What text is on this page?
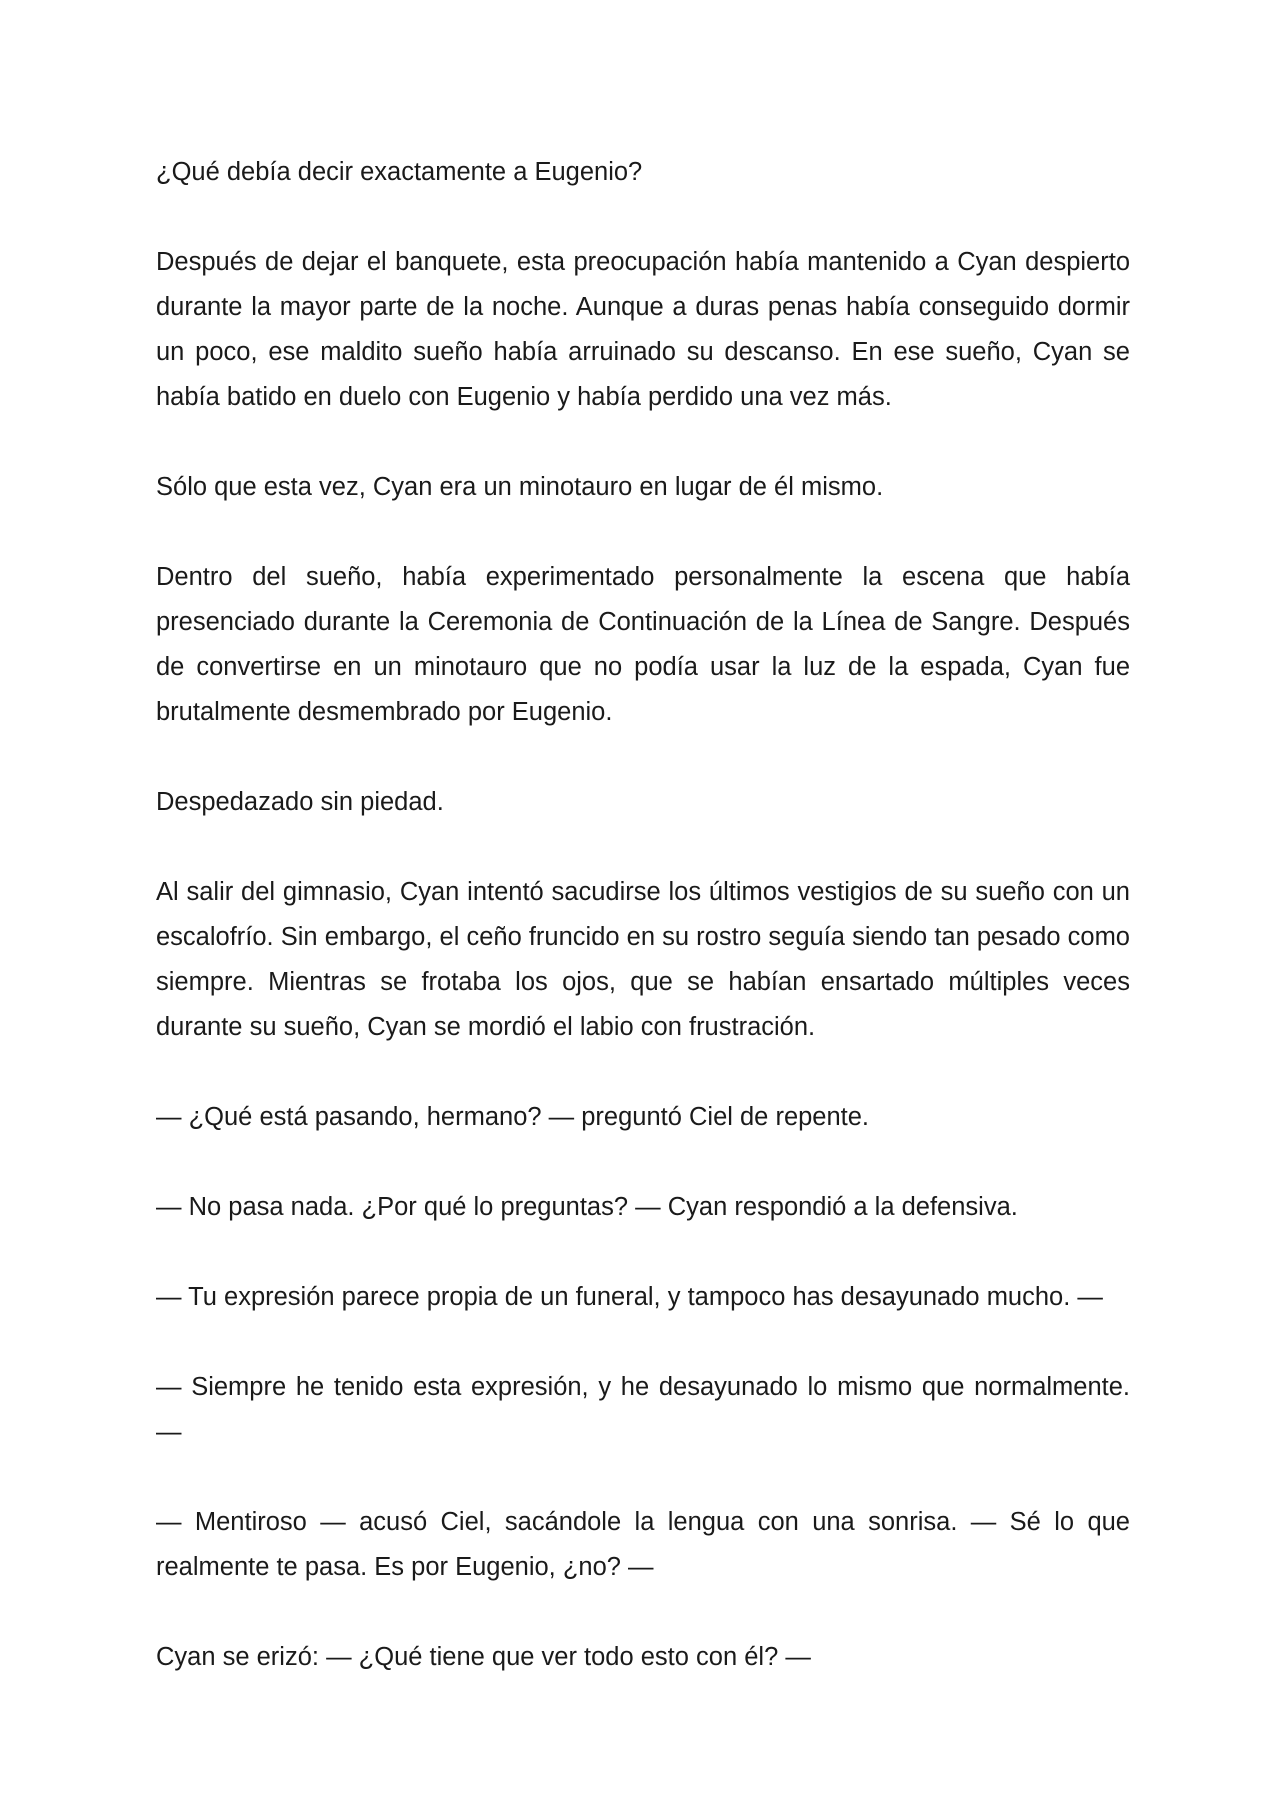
¿Qué debía decir exactamente a Eugenio?

Después de dejar el banquete, esta preocupación había mantenido a Cyan despierto durante la mayor parte de la noche. Aunque a duras penas había conseguido dormir un poco, ese maldito sueño había arruinado su descanso. En ese sueño, Cyan se había batido en duelo con Eugenio y había perdido una vez más.

Sólo que esta vez, Cyan era un minotauro en lugar de él mismo.

Dentro del sueño, había experimentado personalmente la escena que había presenciado durante la Ceremonia de Continuación de la Línea de Sangre. Después de convertirse en un minotauro que no podía usar la luz de la espada, Cyan fue brutalmente desmembrado por Eugenio.

Despedazado sin piedad.

Al salir del gimnasio, Cyan intentó sacudirse los últimos vestigios de su sueño con un escalofrío. Sin embargo, el ceño fruncido en su rostro seguía siendo tan pesado como siempre. Mientras se frotaba los ojos, que se habían ensartado múltiples veces durante su sueño, Cyan se mordió el labio con frustración.

— ¿Qué está pasando, hermano? — preguntó Ciel de repente.

— No pasa nada. ¿Por qué lo preguntas? — Cyan respondió a la defensiva.

— Tu expresión parece propia de un funeral, y tampoco has desayunado mucho. —

— Siempre he tenido esta expresión, y he desayunado lo mismo que normalmente. —

— Mentiroso — acusó Ciel, sacándole la lengua con una sonrisa. — Sé lo que realmente te pasa. Es por Eugenio, ¿no? —

Cyan se erizó: — ¿Qué tiene que ver todo esto con él? —
